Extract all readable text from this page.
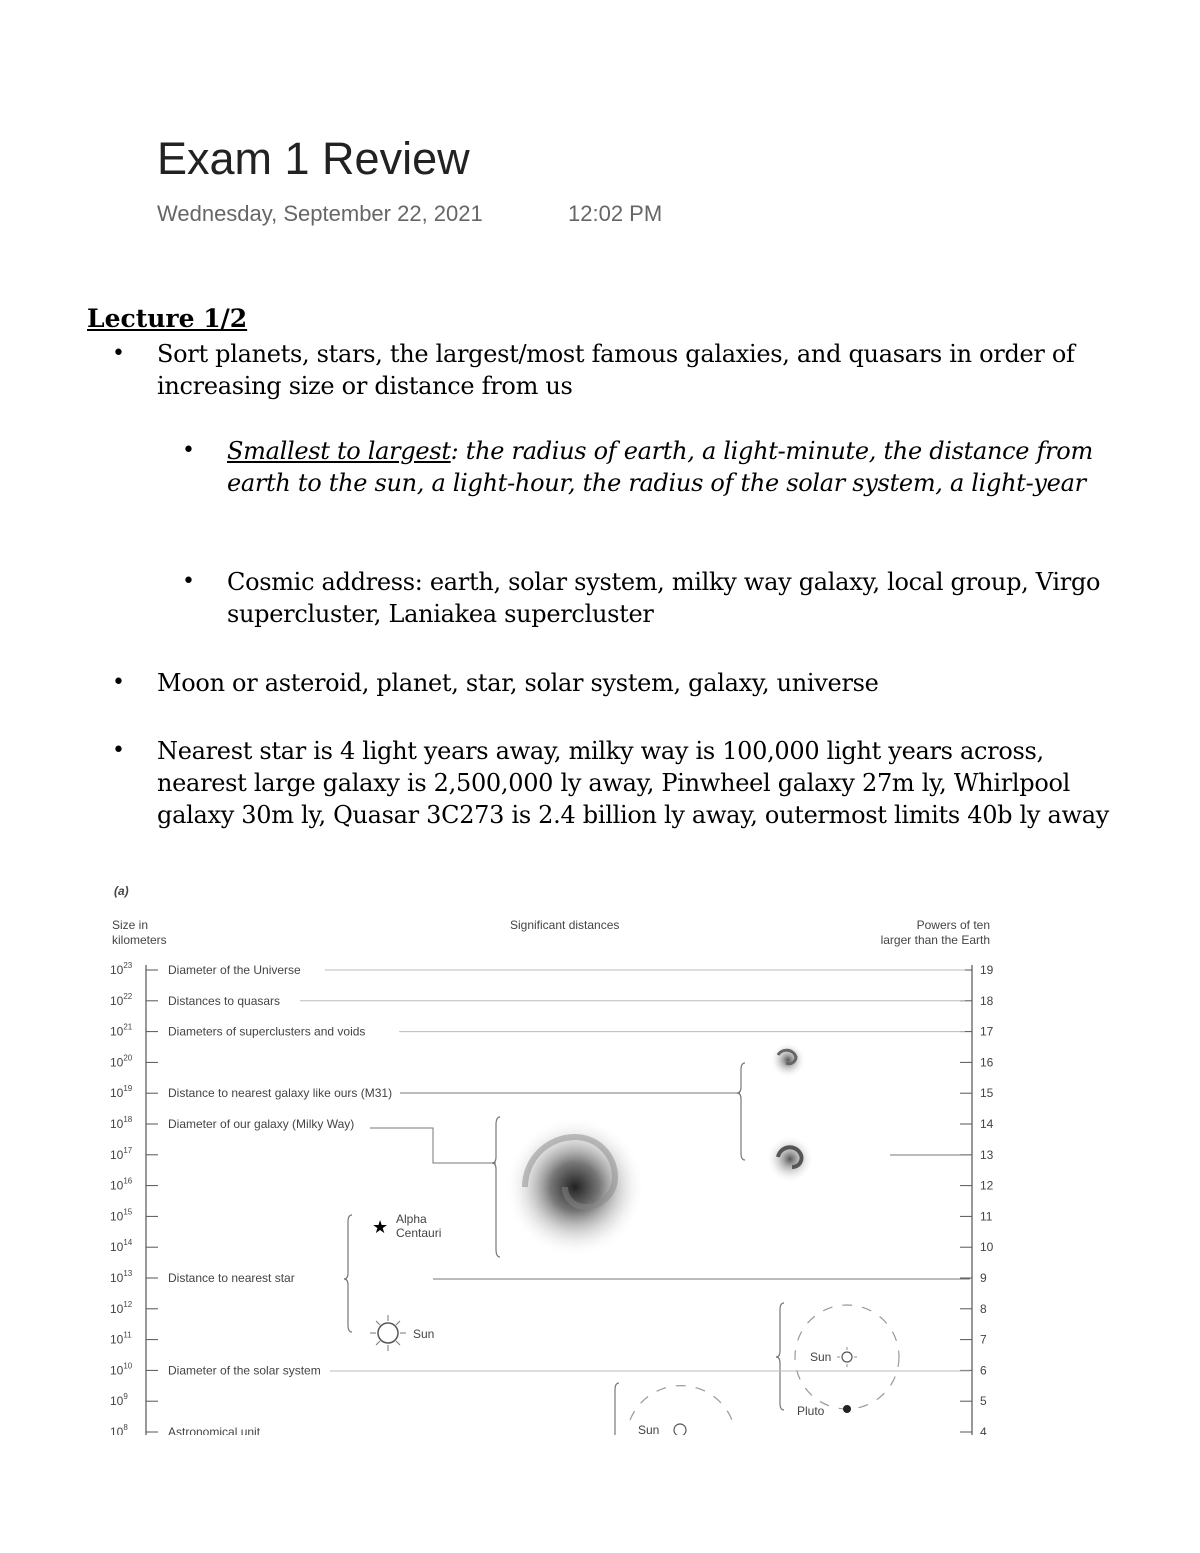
Exam 1 Review
Wednesday, September 22, 2021	12:02 PM
Lecture 1/2
• Sort planets, stars, the largest/most famous galaxies, and quasars in order of increasing size or distance from us
• Smallest to largest: the radius of earth, a light-minute, the distance from earth to the sun, a light-hour, the radius of the solar system, a light-year
• Cosmic address: earth, solar system, milky way galaxy, local group, Virgo supercluster, Laniakea supercluster
• Moon or asteroid, planet, star, solar system, galaxy, universe
• Nearest star is 4 light years away, milky way is 100,000 light years across, nearest large galaxy is 2,500,000 ly away, Pinwheel galaxy 27m ly, Whirlpool galaxy 30m ly, Quasar 3C273 is 2.4 billion ly away, outermost limits 40b ly away
(a)
Size in
kilometers
Significant distances	Powers of ten
larger than the Earth
$10^{23}$	19
Diameter of the Universe
$10^{22}$	18
Distances to quasars
$10^{21}$	17
Diameters of superclusters and voids
$10^{20}$	16
$10^{19}$	15
Distance to nearest galaxy like ours (M31)
$10^{18}$	14
Diameter of our galaxy (Milky Way)
$10^{17}$	13
$10^{16}$	12
$10^{15}$	11
$10^{14}$	10
$10^{13}$	9
Distance to nearest star
$10^{12}$	8
$10^{11}$	7
$10^{10}$	6
Diameter of the solar system
$10^9$	5
$10^8$	4
Astronomical unit
★ Alpha
Centauri
Sun
Sun
Pluto
Sun
